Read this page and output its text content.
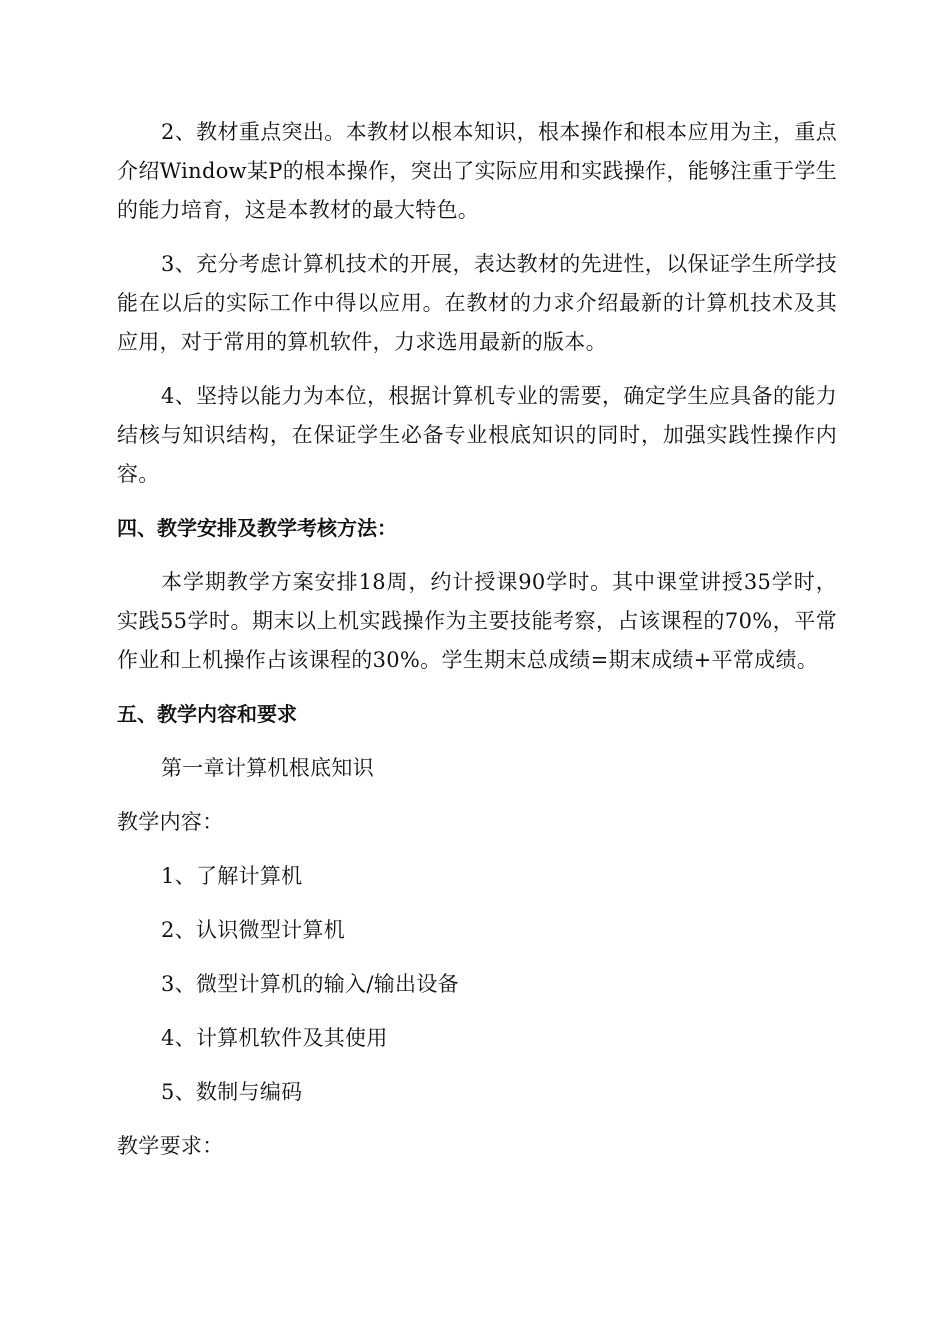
2、教材重点突出。本教材以根本知识，根本操作和根本应用为主，重点介绍Window某P的根本操作，突出了实际应用和实践操作，能够注重于学生的能力培育，这是本教材的最大特色。

3、充分考虑计算机技术的开展，表达教材的先进性，以保证学生所学技能在以后的实际工作中得以应用。在教材的力求介绍最新的计算机技术及其应用，对于常用的算机软件，力求选用最新的版本。

4、坚持以能力为本位，根据计算机专业的需要，确定学生应具备的能力结核与知识结构，在保证学生必备专业根底知识的同时，加强实践性操作内容。

四、教学安排及教学考核方法：

本学期教学方案安排18周，约计授课90学时。其中课堂讲授35学时，实践55学时。期末以上机实践操作为主要技能考察，占该课程的70%，平常作业和上机操作占该课程的30%。学生期末总成绩=期末成绩+平常成绩。

五、教学内容和要求
第一章计算机根底知识
教学内容：
1、了解计算机
2、认识微型计算机
3、微型计算机的输入/输出设备
4、计算机软件及其使用
5、数制与编码
教学要求：
